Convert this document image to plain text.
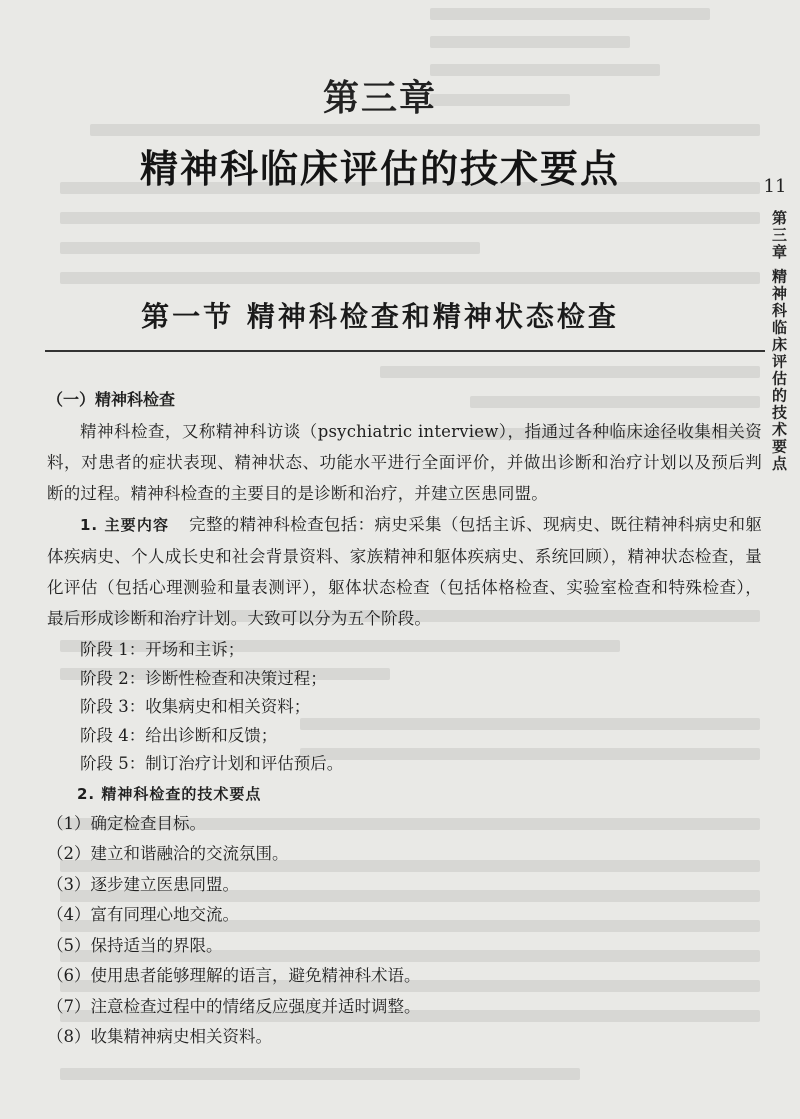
第三章
精神科临床评估的技术要点	11
第三章 精神科临床评估的技术要点
第一节 精神科检查和精神状态检查

（一）精神科检查

精神科检查，又称精神科访谈（psychiatric interview），指通过各种临床途径收集相关资料，对患者的症状表现、精神状态、功能水平进行全面评价，并做出诊断和治疗计划以及预后判断的过程。精神科检查的主要目的是诊断和治疗，并建立医患同盟。

1. 主要内容 完整的精神科检查包括：病史采集（包括主诉、现病史、既往精神科病史和躯体疾病史、个人成长史和社会背景资料、家族精神和躯体疾病史、系统回顾），精神状态检查，量化评估（包括心理测验和量表测评），躯体状态检查（包括体格检查、实验室检查和特殊检查），最后形成诊断和治疗计划。大致可以分为五个阶段。

阶段 1：开场和主诉；

阶段 2：诊断性检查和决策过程；

阶段 3：收集病史和相关资料；

阶段 4：给出诊断和反馈；

阶段 5：制订治疗计划和评估预后。

2. 精神科检查的技术要点

（1）确定检查目标。

（2）建立和谐融洽的交流氛围。

（3）逐步建立医患同盟。

（4）富有同理心地交流。

（5）保持适当的界限。

（6）使用患者能够理解的语言，避免精神科术语。

（7）注意检查过程中的情绪反应强度并适时调整。

（8）收集精神病史相关资料。
